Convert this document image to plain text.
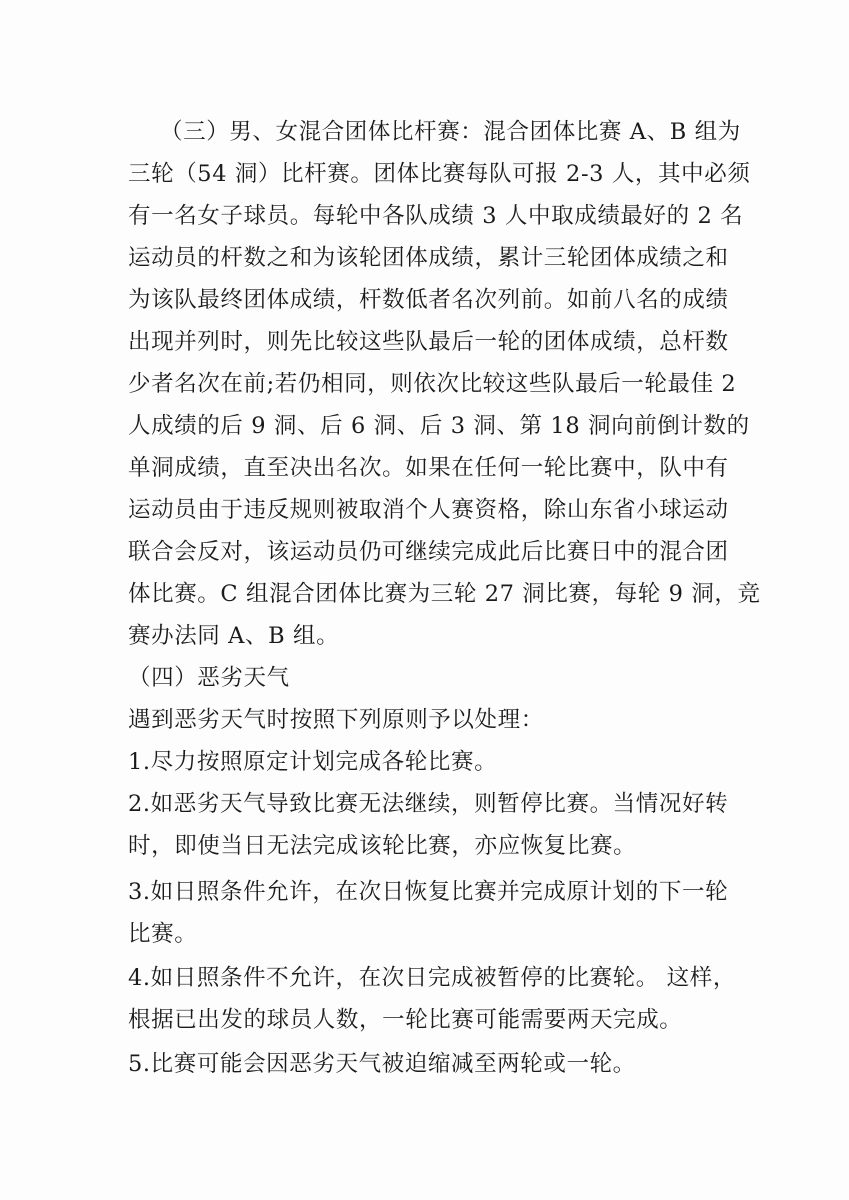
（三）男、女混合团体比杆赛：混合团体比赛 A、B 组为
三轮（54 洞）比杆赛。团体比赛每队可报 2-3 人，其中必须
有一名女子球员。每轮中各队成绩 3 人中取成绩最好的 2 名
运动员的杆数之和为该轮团体成绩，累计三轮团体成绩之和
为该队最终团体成绩，杆数低者名次列前。如前八名的成绩
出现并列时，则先比较这些队最后一轮的团体成绩，总杆数
少者名次在前;若仍相同，则依次比较这些队最后一轮最佳 2
人成绩的后 9 洞、后 6 洞、后 3 洞、第 18 洞向前倒计数的
单洞成绩，直至决出名次。如果在任何一轮比赛中，队中有
运动员由于违反规则被取消个人赛资格，除山东省小球运动
联合会反对，该运动员仍可继续完成此后比赛日中的混合团
体比赛。C 组混合团体比赛为三轮 27 洞比赛，每轮 9 洞，竞
赛办法同 A、B 组。
（四）恶劣天气
遇到恶劣天气时按照下列原则予以处理：
1.尽力按照原定计划完成各轮比赛。
2.如恶劣天气导致比赛无法继续，则暂停比赛。当情况好转
时，即使当日无法完成该轮比赛，亦应恢复比赛。
3.如日照条件允许，在次日恢复比赛并完成原计划的下一轮
比赛。
4.如日照条件不允许，在次日完成被暂停的比赛轮。 这样，
根据已出发的球员人数，一轮比赛可能需要两天完成。
5.比赛可能会因恶劣天气被迫缩减至两轮或一轮。
